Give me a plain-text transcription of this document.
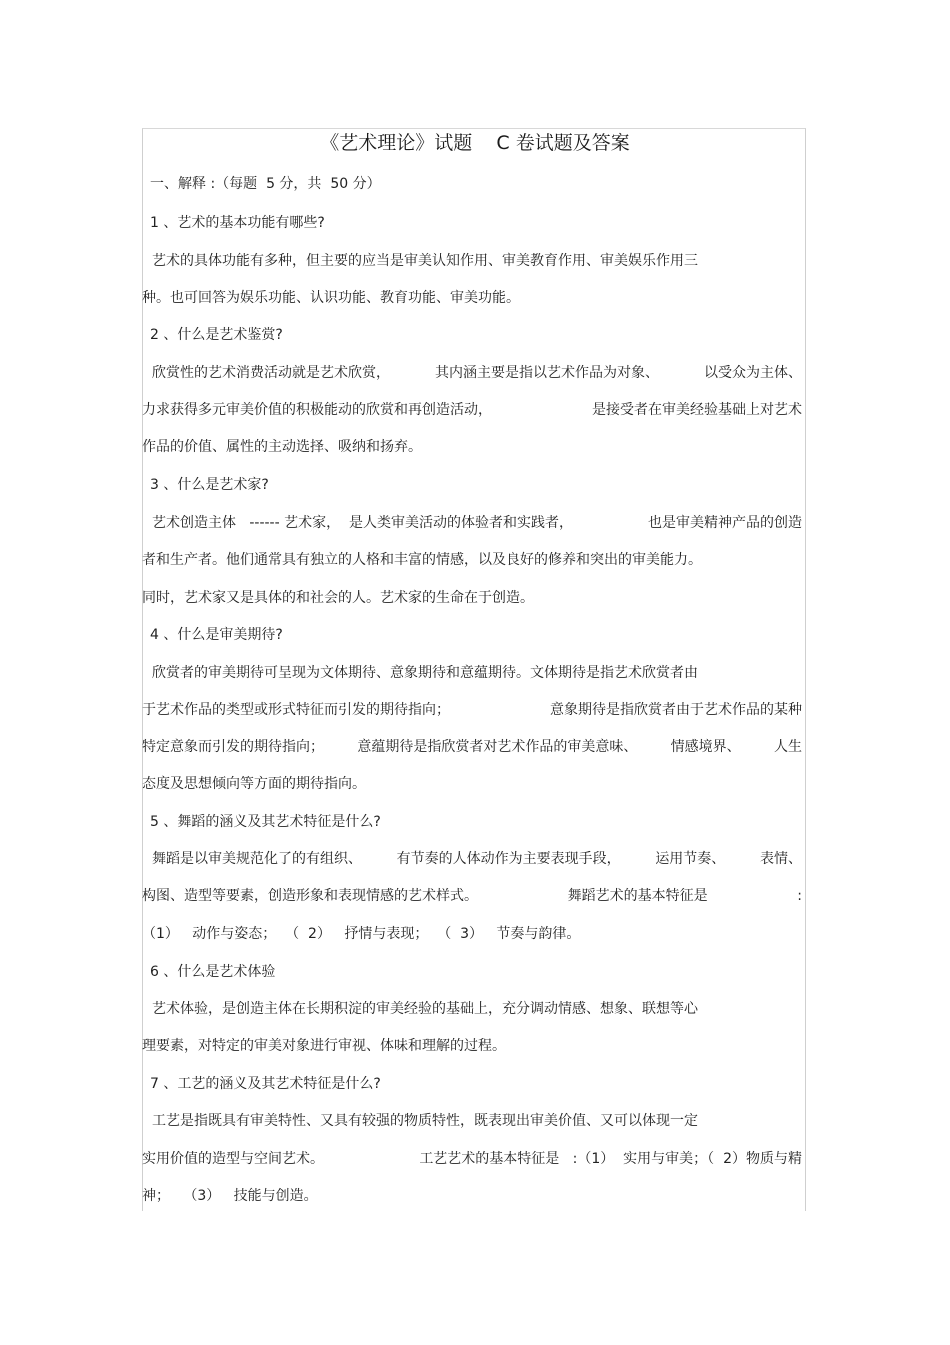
《艺术理论》试题    C 卷试题及答案
一、解释 :（每题  5 分，共  50 分）
1 、艺术的基本功能有哪些?
艺术的具体功能有多种，但主要的应当是审美认知作用、审美教育作用、审美娱乐作用三
种。也可回答为娱乐功能、认识功能、教育功能、审美功能。
2 、什么是艺术鉴赏?
欣赏性的艺术消费活动就是艺术欣赏，	其内涵主要是指以艺术作品为对象、	以受众为主体、
力求获得多元审美价值的积极能动的欣赏和再创造活动，	是接受者在审美经验基础上对艺术
作品的价值、属性的主动选择、吸纳和扬弃。
3 、什么是艺术家?
艺术创造主体   ------ 艺术家，  是人类审美活动的体验者和实践者，	也是审美精神产品的创造
者和生产者。他们通常具有独立的人格和丰富的情感，以及良好的修养和突出的审美能力。
同时，艺术家又是具体的和社会的人。艺术家的生命在于创造。
4 、什么是审美期待?
欣赏者的审美期待可呈现为文体期待、意象期待和意蕴期待。文体期待是指艺术欣赏者由
于艺术作品的类型或形式特征而引发的期待指向；	意象期待是指欣赏者由于艺术作品的某种
特定意象而引发的期待指向； 意蕴期待是指欣赏者对艺术作品的审美意味、 情感境界、 人生
态度及思想倾向等方面的期待指向。
5 、舞蹈的涵义及其艺术特征是什么?
舞蹈是以审美规范化了的有组织、 有节奏的人体动作为主要表现手段， 运用节奏、 表情、
构图、造型等要素，创造形象和表现情感的艺术样式。	舞蹈艺术的基本特征是	:
（1）   动作与姿态；  （  2）   抒情与表现；  （  3）   节奏与韵律。
6 、什么是艺术体验
艺术体验，是创造主体在长期积淀的审美经验的基础上，充分调动情感、想象、联想等心
理要素，对特定的审美对象进行审视、体味和理解的过程。
7 、工艺的涵义及其艺术特征是什么?
工艺是指既具有审美特性、又具有较强的物质特性，既表现出审美价值、又可以体现一定
实用价值的造型与空间艺术。	工艺艺术的基本特征是   :（1）  实用与审美；（  2）物质与精
神；   （3）   技能与创造。
